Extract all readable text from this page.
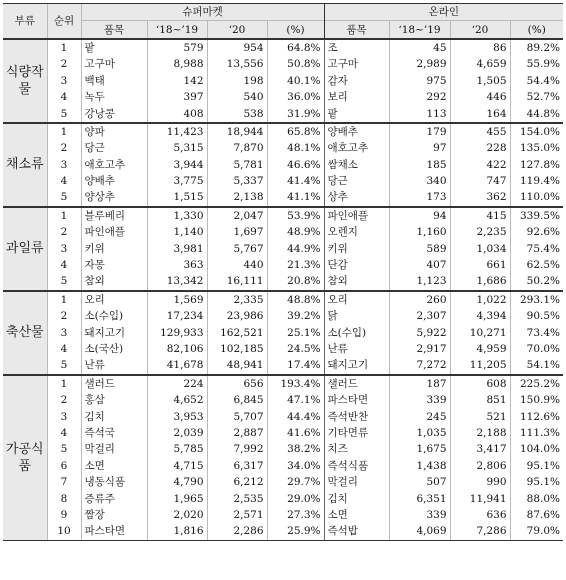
부류	순위	슈퍼마켓				온라인			
		품목	‘18~’19	‘20	(%)	품목	‘18~’19	‘20	(%)
식량작물	1	팥	579	954	64.8%	조	45	86	89.2%
	2	고구마	8,988	13,556	50.8%	고구마	2,989	4,659	55.9%
	3	백태	142	198	40.1%	감자	975	1,505	54.4%
	4	녹두	397	540	36.0%	보리	292	446	52.7%
	5	강낭콩	408	538	31.9%	팥	113	164	44.8%
채소류	1	양파	11,423	18,944	65.8%	양배추	179	455	154.0%
	2	당근	5,315	7,870	48.1%	애호고추	97	228	135.0%
	3	애호고추	3,944	5,781	46.6%	쌈채소	185	422	127.8%
	4	양배추	3,775	5,337	41.4%	당근	340	747	119.4%
	5	양상추	1,515	2,138	41.1%	상추	173	362	110.0%
과일류	1	블루베리	1,330	2,047	53.9%	파인애플	94	415	339.5%
	2	파인애플	1,140	1,697	48.9%	오렌지	1,160	2,235	92.6%
	3	키위	3,981	5,767	44.9%	키위	589	1,034	75.4%
	4	자몽	363	440	21.3%	단감	407	661	62.5%
	5	참외	13,342	16,111	20.8%	참외	1,123	1,686	50.2%
축산물	1	오리	1,569	2,335	48.8%	오리	260	1,022	293.1%
	2	소(수입)	17,234	23,986	39.2%	닭	2,307	4,394	90.5%
	3	돼지고기	129,933	162,521	25.1%	소(수입)	5,922	10,271	73.4%
	4	소(국산)	82,106	102,185	24.5%	난류	2,917	4,959	70.0%
	5	난류	41,678	48,941	17.4%	돼지고기	7,272	11,205	54.1%
가공식품	1	샐러드	224	656	193.4%	샐러드	187	608	225.2%
	2	홍삼	4,652	6,845	47.1%	파스타면	339	851	150.9%
	3	김치	3,953	5,707	44.4%	즉석반찬	245	521	112.6%
	4	즉석국	2,039	2,887	41.6%	기타면류	1,035	2,188	111.3%
	5	막걸리	5,785	7,992	38.2%	치즈	1,675	3,417	104.0%
	6	소면	4,715	6,317	34.0%	즉석식품	1,438	2,806	95.1%
	7	냉동식품	4,790	6,212	29.7%	막걸리	507	990	95.1%
	8	증류주	1,965	2,535	29.0%	김치	6,351	11,941	88.0%
	9	짬장	2,020	2,571	27.3%	소면	339	636	87.6%
	10	파스타면	1,816	2,286	25.9%	즉석밥	4,069	7,286	79.0%
